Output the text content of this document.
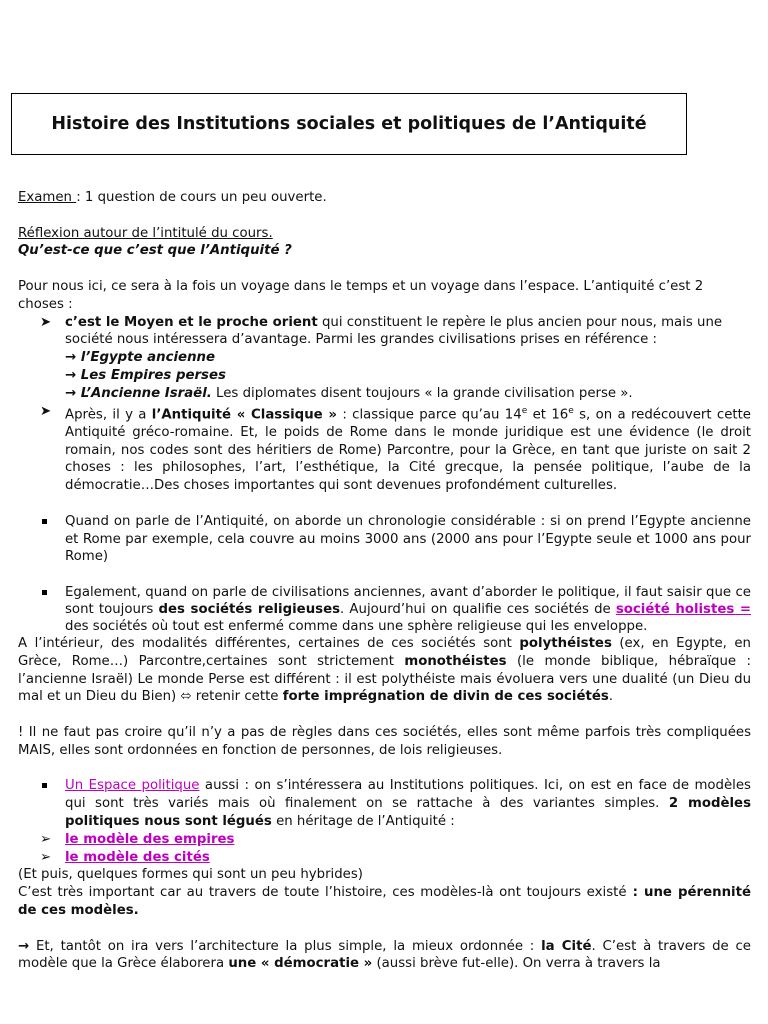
Histoire des Institutions sociales et politiques de l’Antiquité

Examen : 1 question de cours un peu ouverte.

Réflexion autour de l’intitulé du cours.

Qu’est-ce que c’est que l’Antiquité ?

Pour nous ici, ce sera à la fois un voyage dans le temps et un voyage dans l’espace. L’antiquité c’est 2 choses :

➤ c’est le Moyen et le proche orient qui constituent le repère le plus ancien pour nous, mais une société nous intéressera d’avantage. Parmi les grandes civilisations prises en référence :
→ l’Egypte ancienne
→ Les Empires perses
→ L’Ancienne Israël. Les diplomates disent toujours « la grande civilisation perse ».
➤ Après, il y a l’Antiquité « Classique » : classique parce qu’au 14e et 16e s, on a redécouvert cette Antiquité gréco-romaine. Et, le poids de Rome dans le monde juridique est une évidence (le droit romain, nos codes sont des héritiers de Rome) Parcontre, pour la Grèce, en tant que juriste on sait 2 choses : les philosophes, l’art, l’esthétique, la Cité grecque, la pensée politique, l’aube de la démocratie…Des choses importantes qui sont devenues profondément culturelles.
Quand on parle de l’Antiquité, on aborde un chronologie considérable : si on prend l’Egypte ancienne et Rome par exemple, cela couvre au moins 3000 ans (2000 ans pour l’Egypte seule et 1000 ans pour Rome)
Egalement, quand on parle de civilisations anciennes, avant d’aborder le politique, il faut saisir que ce sont toujours des sociétés religieuses. Aujourd’hui on qualifie ces sociétés de société holistes = des sociétés où tout est enfermé comme dans une sphère religieuse qui les enveloppe.

A l’intérieur, des modalités différentes, certaines de ces sociétés sont polythéistes (ex, en Egypte, en Grèce, Rome…) Parcontre,certaines sont strictement monothéistes (le monde biblique, hébraïque : l’ancienne Israël) Le monde Perse est différent : il est polythéiste mais évoluera vers une dualité (un Dieu du mal et un Dieu du Bien) ⬄ retenir cette forte imprégnation de divin de ces sociétés.

! Il ne faut pas croire qu’il n’y a pas de règles dans ces sociétés, elles sont même parfois très compliquées MAIS, elles sont ordonnées en fonction de personnes, de lois religieuses.

Un Espace politique aussi : on s’intéressera au Institutions politiques. Ici, on est en face de modèles qui sont très variés mais où finalement on se rattache à des variantes simples. 2 modèles politiques nous sont légués en héritage de l’Antiquité :
➢ le modèle des empires
➢ le modèle des cités

(Et puis, quelques formes qui sont un peu hybrides)

C’est très important car au travers de toute l’histoire, ces modèles-là ont toujours existé : une pérennité de ces modèles.

→ Et, tantôt on ira vers l’architecture la plus simple, la mieux ordonnée : la Cité. C’est à travers de ce modèle que la Grèce élaborera une « démocratie » (aussi brève fut-elle). On verra à travers la
